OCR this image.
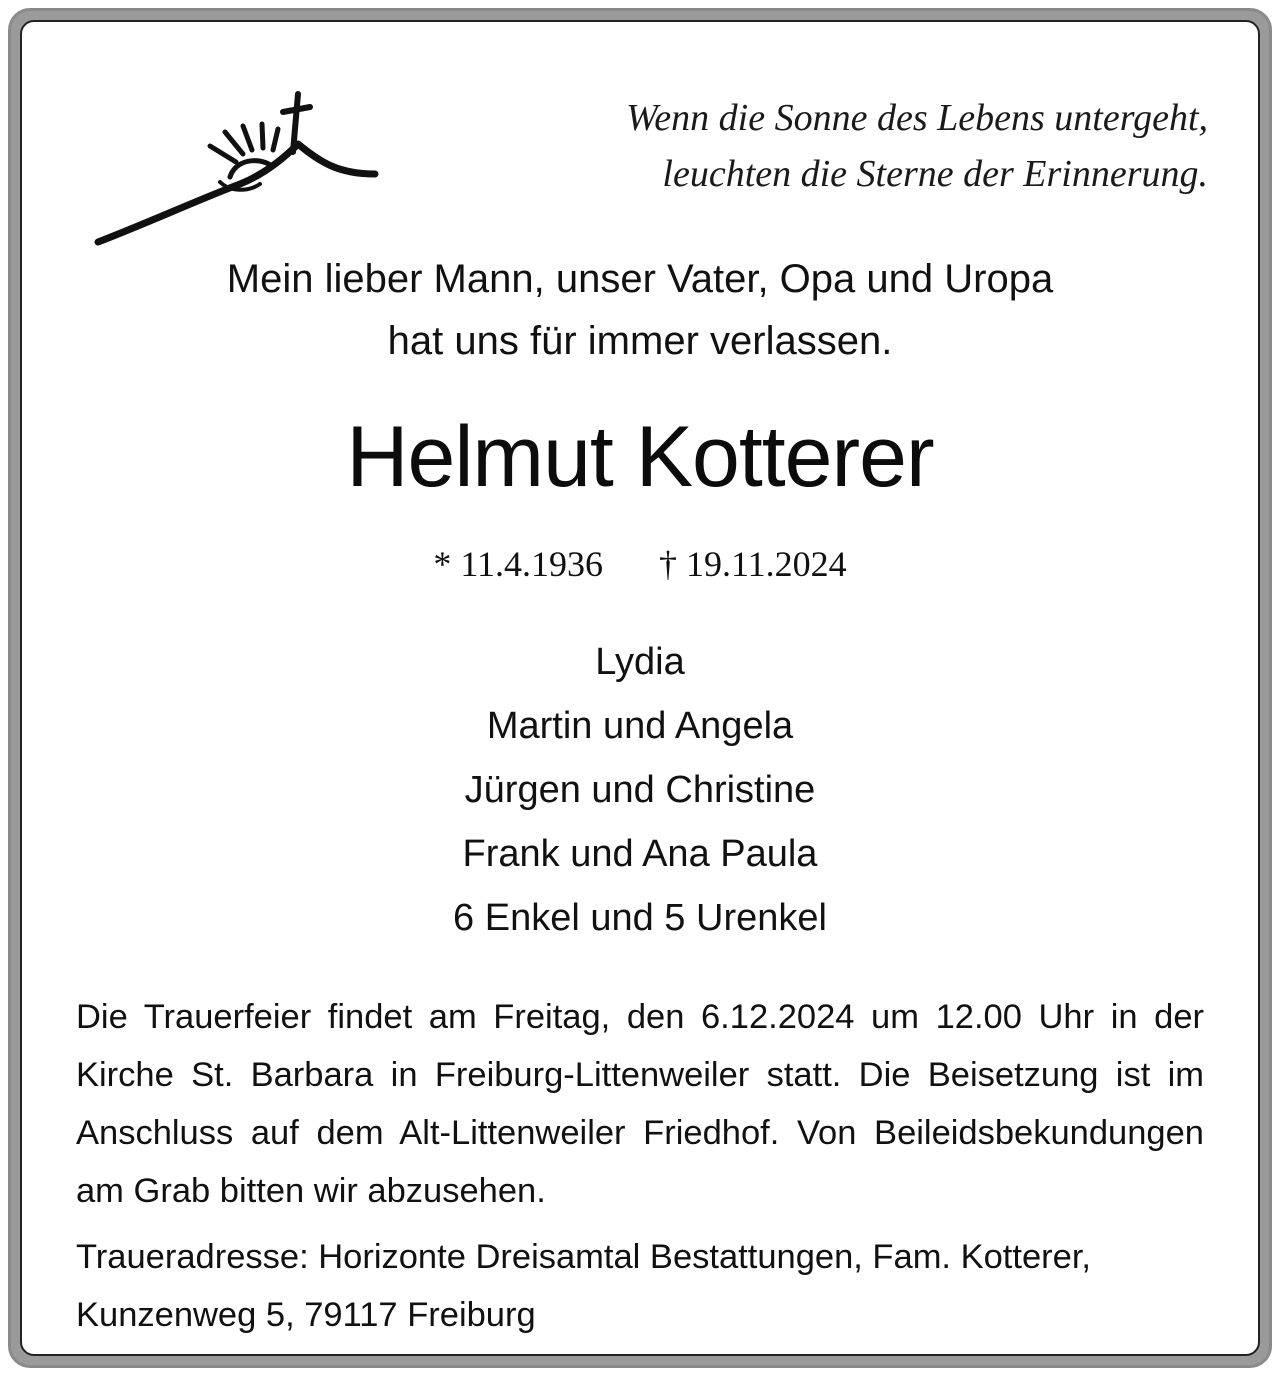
Wenn die Sonne des Lebens untergeht,
leuchten die Sterne der Erinnerung.
Mein lieber Mann, unser Vater, Opa und Uropa
hat uns für immer verlassen.
Helmut Kotterer
* 11.4.1936 † 19.11.2024
Lydia
Martin und Angela
Jürgen und Christine
Frank und Ana Paula
6 Enkel und 5 Urenkel
Die Trauerfeier findet am Freitag, den 6.12.2024 um 12.00 Uhr in der Kirche St. Barbara in Freiburg-Littenweiler statt. Die Beisetzung ist im Anschluss auf dem Alt-Littenweiler Friedhof. Von Beileidsbekundungen am Grab bitten wir abzusehen.
Traueradresse: Horizonte Dreisamtal Bestattungen, Fam. Kotterer,
Kunzenweg 5, 79117 Freiburg
